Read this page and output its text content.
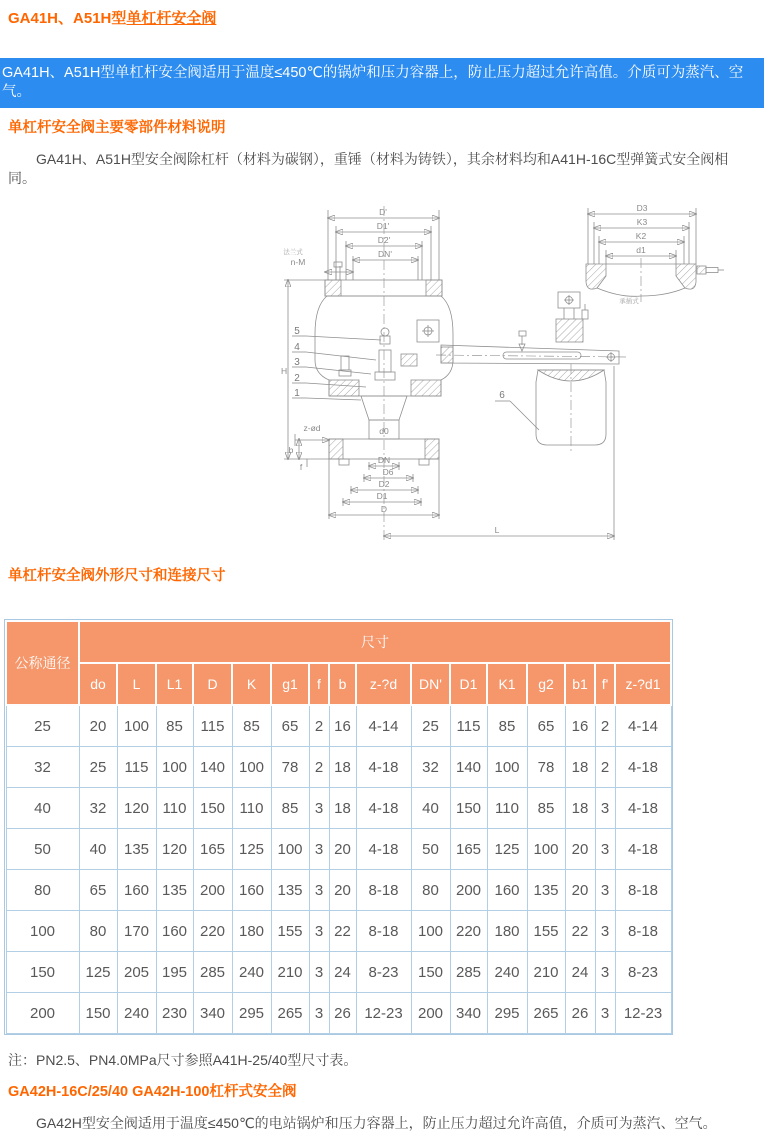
GA41H、A51H型单杠杆安全阀
GA41H、A51H型单杠杆安全阀适用于温度≤450℃的锅炉和压力容器上，防止压力超过允许高值。介质可为蒸汽、空气。
单杠杆安全阀主要零部件材料说明

GA41H、A51H型安全阀除杠杆（材料为碳钢），重锤（材料为铸铁），其余材料均和A41H-16C型弹簧式安全阀相同。

D'
D1'
D2'
DN'
n-M
法兰式
H
5
4
3
2
1	6
d0
z-ød
b
f
DN
D6
D2
D1
D
L
D3
K3
K2
d1
承插式
单杠杆安全阀外形尺寸和连接尺寸
公称通径	尺寸															
	do	L	L1	D	K	g1	f	b	z-?d	DN'	D1	K1	g2	b1	f'	z-?d1
25	20	100	85	115	85	65	2	16	4-14	25	115	85	65	16	2	4-14
32	25	115	100	140	100	78	2	18	4-18	32	140	100	78	18	2	4-18
40	32	120	110	150	110	85	3	18	4-18	40	150	110	85	18	3	4-18
50	40	135	120	165	125	100	3	20	4-18	50	165	125	100	20	3	4-18
80	65	160	135	200	160	135	3	20	8-18	80	200	160	135	20	3	8-18
100	80	170	160	220	180	155	3	22	8-18	100	220	180	155	22	3	8-18
150	125	205	195	285	240	210	3	24	8-23	150	285	240	210	24	3	8-23
200	150	240	230	340	295	265	3	26	12-23	200	340	295	265	26	3	12-23

注：PN2.5、PN4.0MPa尺寸参照A41H-25/40型尺寸表。

GA42H-16C/25/40 GA42H-100杠杆式安全阀

GA42H型安全阀适用于温度≤450℃的电站锅炉和压力容器上，防止压力超过允许高值，介质可为蒸汽、空气。
